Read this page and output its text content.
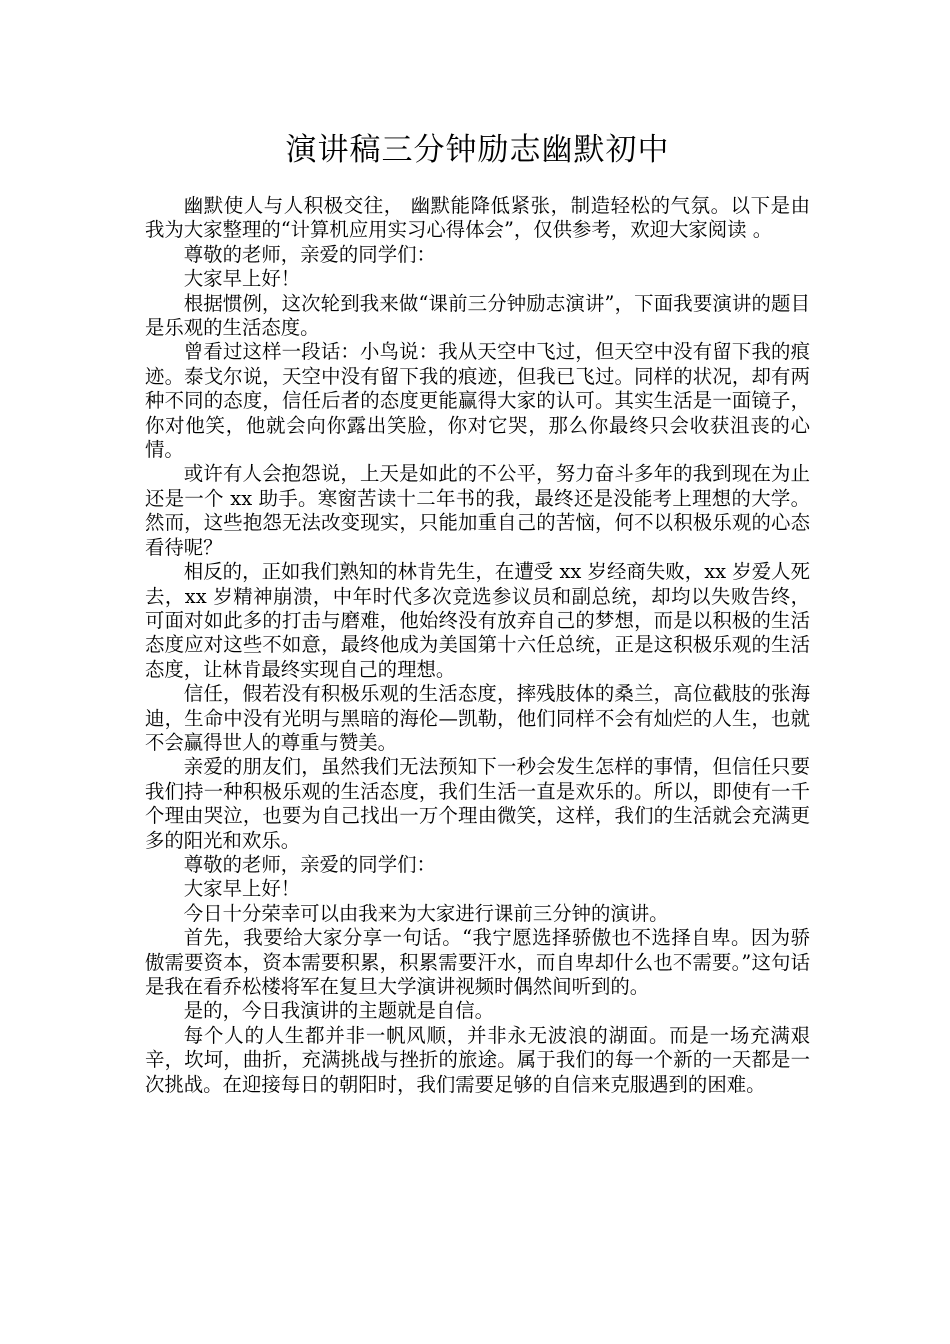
演讲稿三分钟励志幽默初中

幽默使人与人积极交往， 幽默能降低紧张，制造轻松的气氛。以下是由我为大家整理的“计算机应用实习心得体会”，仅供参考，欢迎大家阅读 。

尊敬的老师，亲爱的同学们：

大家早上好！

根据惯例，这次轮到我来做“课前三分钟励志演讲”，下面我要演讲的题目是乐观的生活态度。

曾看过这样一段话：小鸟说：我从天空中飞过，但天空中没有留下我的痕迹。泰戈尔说，天空中没有留下我的痕迹，但我已飞过。同样的状况，却有两种不同的态度，信任后者的态度更能赢得大家的认可。其实生活是一面镜子，你对他笑，他就会向你露出笑脸，你对它哭，那么你最终只会收获沮丧的心情。

或许有人会抱怨说，上天是如此的不公平，努力奋斗多年的我到现在为止还是一个 xx 助手。寒窗苦读十二年书的我，最终还是没能考上理想的大学。然而，这些抱怨无法改变现实，只能加重自己的苦恼，何不以积极乐观的心态看待呢？

相反的，正如我们熟知的林肯先生，在遭受 xx 岁经商失败，xx 岁爱人死去，xx 岁精神崩溃，中年时代多次竞选参议员和副总统，却均以失败告终，可面对如此多的打击与磨难，他始终没有放弃自己的梦想，而是以积极的生活态度应对这些不如意，最终他成为美国第十六任总统，正是这积极乐观的生活态度，让林肯最终实现自己的理想。

信任，假若没有积极乐观的生活态度，摔残肢体的桑兰，高位截肢的张海迪，生命中没有光明与黑暗的海伦—凯勒，他们同样不会有灿烂的人生，也就不会赢得世人的尊重与赞美。

亲爱的朋友们，虽然我们无法预知下一秒会发生怎样的事情，但信任只要我们持一种积极乐观的生活态度，我们生活一直是欢乐的。所以，即使有一千个理由哭泣，也要为自己找出一万个理由微笑，这样，我们的生活就会充满更多的阳光和欢乐。

尊敬的老师，亲爱的同学们：

大家早上好！

今日十分荣幸可以由我来为大家进行课前三分钟的演讲。

首先，我要给大家分享一句话。“我宁愿选择骄傲也不选择自卑。因为骄傲需要资本，资本需要积累，积累需要汗水，而自卑却什么也不需要。”这句话是我在看乔松楼将军在复旦大学演讲视频时偶然间听到的。

是的，今日我演讲的主题就是自信。

每个人的人生都并非一帆风顺，并非永无波浪的湖面。而是一场充满艰辛，坎坷，曲折，充满挑战与挫折的旅途。属于我们的每一个新的一天都是一次挑战。在迎接每日的朝阳时，我们需要足够的自信来克服遇到的困难。
